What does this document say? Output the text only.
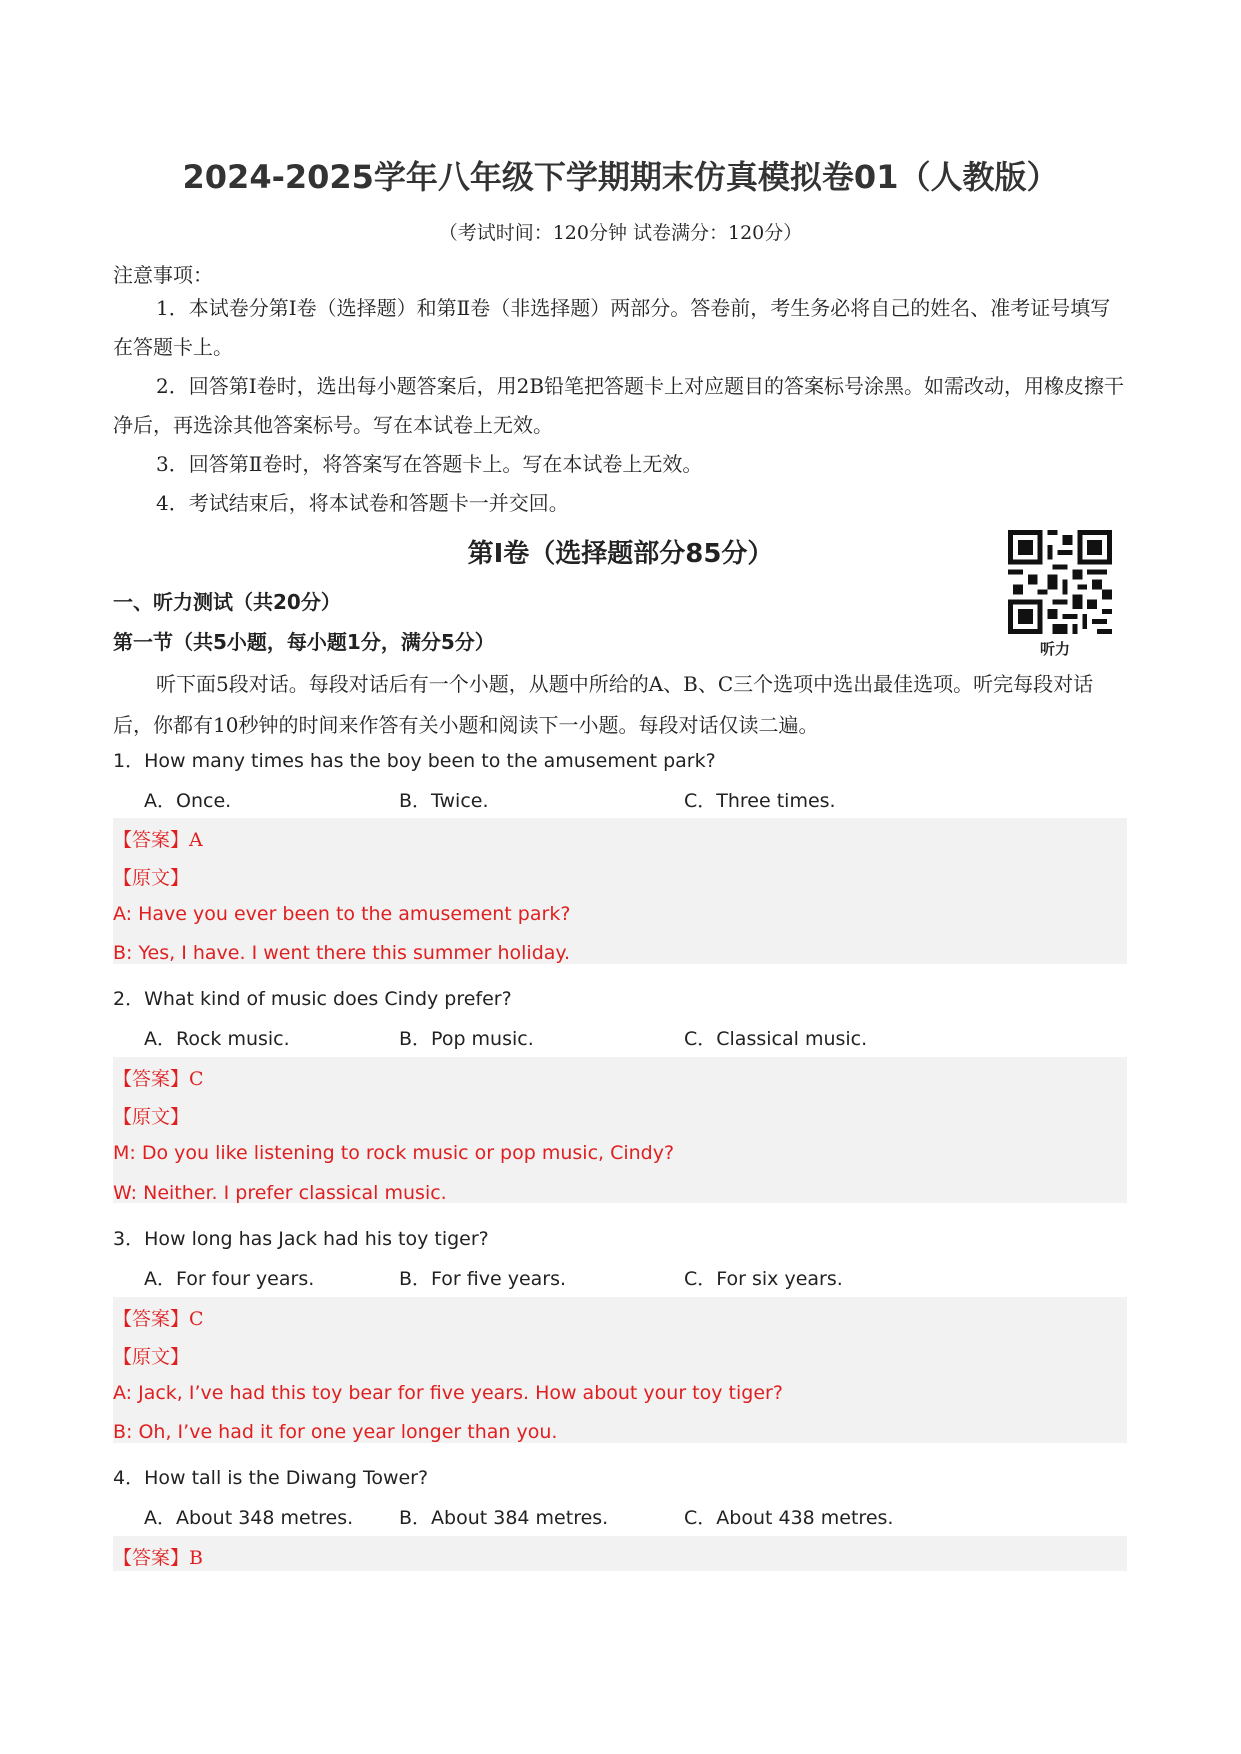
2024-2025学年八年级下学期期末仿真模拟卷01（人教版）
（考试时间：120分钟 试卷满分：120分）
注意事项：
1．本试卷分第Ⅰ卷（选择题）和第Ⅱ卷（非选择题）两部分。答卷前，考生务必将自己的姓名、准考证号填写在答题卡上。
2．回答第Ⅰ卷时，选出每小题答案后，用2B铅笔把答题卡上对应题目的答案标号涂黑。如需改动，用橡皮擦干净后，再选涂其他答案标号。写在本试卷上无效。
3．回答第Ⅱ卷时，将答案写在答题卡上。写在本试卷上无效。
4．考试结束后，将本试卷和答题卡一并交回。
第I卷（选择题部分85分）
听力
一、听力测试（共20分）
第一节（共5小题，每小题1分，满分5分）
听下面5段对话。每段对话后有一个小题，从题中所给的A、B、C三个选项中选出最佳选项。听完每段对话后，你都有10秒钟的时间来作答有关小题和阅读下一小题。每段对话仅读二遍。
1．How many times has the boy been to the amusement park?
A．Once.	B．Twice.	C．Three times.
【答案】A
【原文】
A: Have you ever been to the amusement park?
B: Yes, I have. I went there this summer holiday.
2．What kind of music does Cindy prefer?
A．Rock music.	B．Pop music.	C．Classical music.
【答案】C
【原文】
M: Do you like listening to rock music or pop music, Cindy?
W: Neither. I prefer classical music.
3．How long has Jack had his toy tiger?
A．For four years.	B．For five years.	C．For six years.
【答案】C
【原文】
A: Jack, I’ve had this toy bear for five years. How about your toy tiger?
B: Oh, I’ve had it for one year longer than you.
4．How tall is the Diwang Tower?
A．About 348 metres. B．About 384 metres.	C．About 438 metres.
【答案】B
